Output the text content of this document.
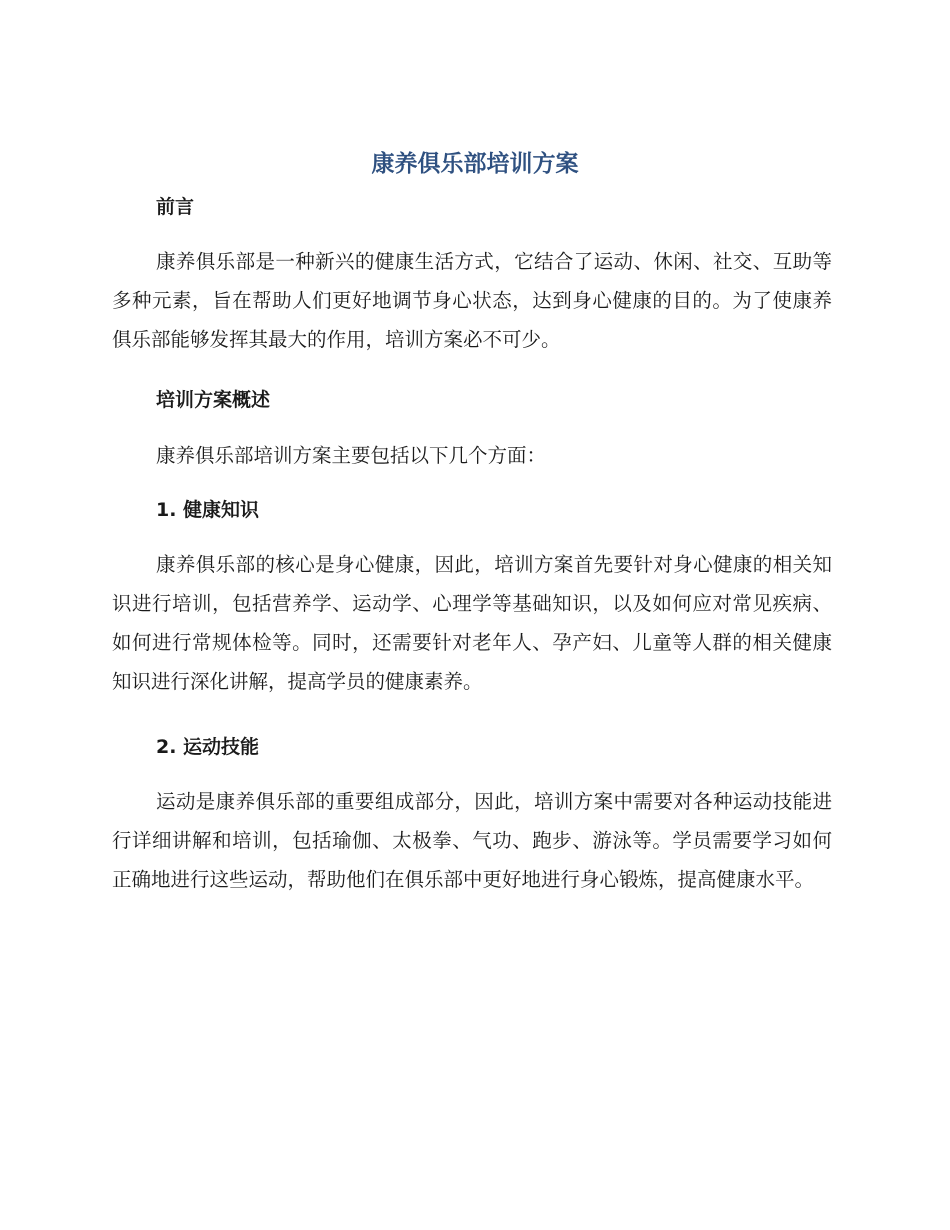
康养俱乐部培训方案
前言
康养俱乐部是一种新兴的健康生活方式，它结合了运动、休闲、社交、互助等多种元素，旨在帮助人们更好地调节身心状态，达到身心健康的目的。为了使康养俱乐部能够发挥其最大的作用，培训方案必不可少。
培训方案概述
康养俱乐部培训方案主要包括以下几个方面：
1. 健康知识
康养俱乐部的核心是身心健康，因此，培训方案首先要针对身心健康的相关知识进行培训，包括营养学、运动学、心理学等基础知识，以及如何应对常见疾病、如何进行常规体检等。同时，还需要针对老年人、孕产妇、儿童等人群的相关健康知识进行深化讲解，提高学员的健康素养。
2. 运动技能
运动是康养俱乐部的重要组成部分，因此，培训方案中需要对各种运动技能进行详细讲解和培训，包括瑜伽、太极拳、气功、跑步、游泳等。学员需要学习如何正确地进行这些运动，帮助他们在俱乐部中更好地进行身心锻炼，提高健康水平。
